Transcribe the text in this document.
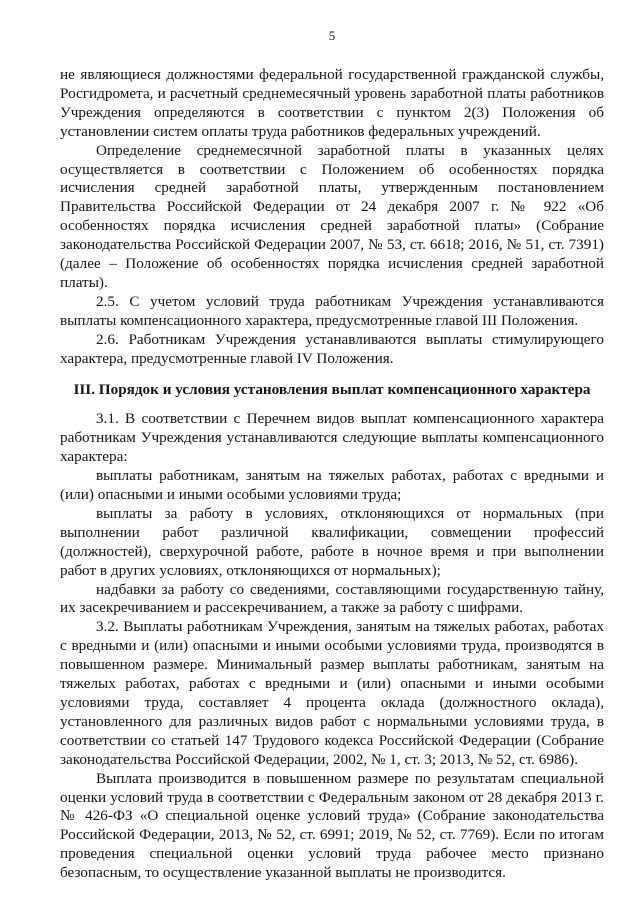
5

не являющиеся должностями федеральной государственной гражданской службы, Росгидромета, и расчетный среднемесячный уровень заработной платы работников Учреждения определяются в соответствии с пунктом 2(3) Положения об установлении систем оплаты труда работников федеральных учреждений.

Определение среднемесячной заработной платы в указанных целях осуществляется в соответствии с Положением об особенностях порядка исчисления средней заработной платы, утвержденным постановлением Правительства Российской Федерации от 24 декабря 2007 г. № 922 «Об особенностях порядка исчисления средней заработной платы» (Собрание законодательства Российской Федерации 2007, № 53, ст. 6618; 2016, № 51, ст. 7391) (далее – Положение об особенностях порядка исчисления средней заработной платы).

2.5. С учетом условий труда работникам Учреждения устанавливаются выплаты компенсационного характера, предусмотренные главой III Положения.

2.6. Работникам Учреждения устанавливаются выплаты стимулирующего характера, предусмотренные главой IV Положения.

III. Порядок и условия установления выплат компенсационного характера

3.1. В соответствии с Перечнем видов выплат компенсационного характера работникам Учреждения устанавливаются следующие выплаты компенсационного характера:

выплаты работникам, занятым на тяжелых работах, работах с вредными и (или) опасными и иными особыми условиями труда;

выплаты за работу в условиях, отклоняющихся от нормальных (при выполнении работ различной квалификации, совмещении профессий (должностей), сверхурочной работе, работе в ночное время и при выполнении работ в других условиях, отклоняющихся от нормальных);

надбавки за работу со сведениями, составляющими государственную тайну, их засекречиванием и рассекречиванием, а также за работу с шифрами.

3.2. Выплаты работникам Учреждения, занятым на тяжелых работах, работах с вредными и (или) опасными и иными особыми условиями труда, производятся в повышенном размере. Минимальный размер выплаты работникам, занятым на тяжелых работах, работах с вредными и (или) опасными и иными особыми условиями труда, составляет 4 процента оклада (должностного оклада), установленного для различных видов работ с нормальными условиями труда, в соответствии со статьей 147 Трудового кодекса Российской Федерации (Собрание законодательства Российской Федерации, 2002, № 1, ст. 3; 2013, № 52, ст. 6986).

Выплата производится в повышенном размере по результатам специальной оценки условий труда в соответствии с Федеральным законом от 28 декабря 2013 г. № 426-ФЗ «О специальной оценке условий труда» (Собрание законодательства Российской Федерации, 2013, № 52, ст. 6991; 2019, № 52, ст. 7769). Если по итогам проведения специальной оценки условий труда рабочее место признано безопасным, то осуществление указанной выплаты не производится.
